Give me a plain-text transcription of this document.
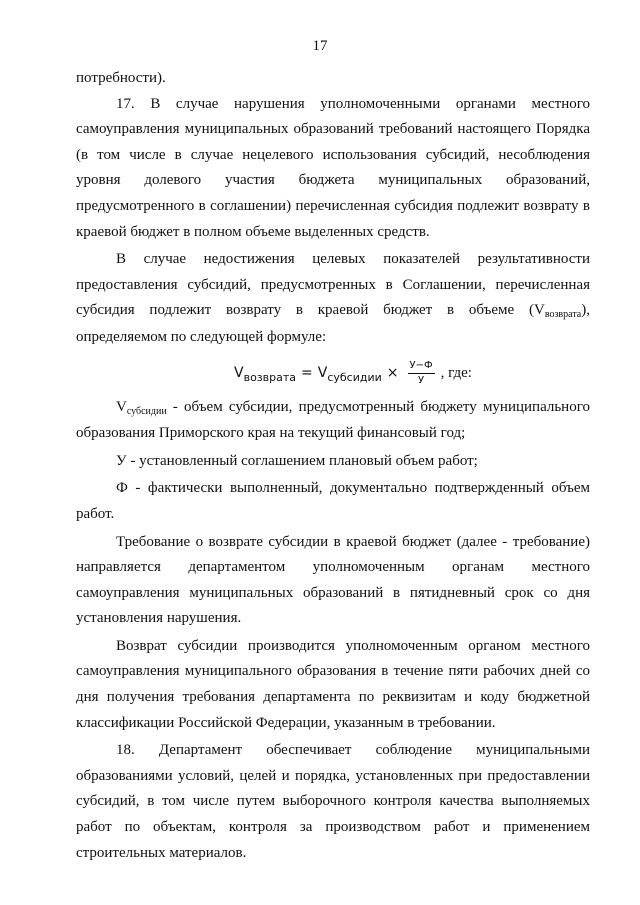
17

потребности).

17. В случае нарушения уполномоченными органами местного самоуправления муниципальных образований требований настоящего Порядка (в том числе в случае нецелевого использования субсидий, несоблюдения уровня долевого участия бюджета муниципальных образований, предусмотренного в соглашении) перечисленная субсидия подлежит возврату в краевой бюджет в полном объеме выделенных средств.

В случае недостижения целевых показателей результативности предоставления субсидий, предусмотренных в Соглашении, перечисленная субсидия подлежит возврату в краевой бюджет в объеме $(V_{возврата})$, определяемом по следующей формуле:

V возврата = V субсидии × $\frac{У-Ф}{У}$ , где:

$V_{субсидии}$ - объем субсидии, предусмотренный бюджету муниципального образования Приморского края на текущий финансовый год;

У - установленный соглашением плановый объем работ;

Ф - фактически выполненный, документально подтвержденный объем работ.

Требование о возврате субсидии в краевой бюджет (далее - требование) направляется департаментом уполномоченным органам местного самоуправления муниципальных образований в пятидневный срок со дня установления нарушения.

Возврат субсидии производится уполномоченным органом местного самоуправления муниципального образования в течение пяти рабочих дней со дня получения требования департамента по реквизитам и коду бюджетной классификации Российской Федерации, указанным в требовании.

18. Департамент обеспечивает соблюдение муниципальными образованиями условий, целей и порядка, установленных при предоставлении субсидий, в том числе путем выборочного контроля качества выполняемых работ по объектам, контроля за производством работ и применением строительных материалов.
